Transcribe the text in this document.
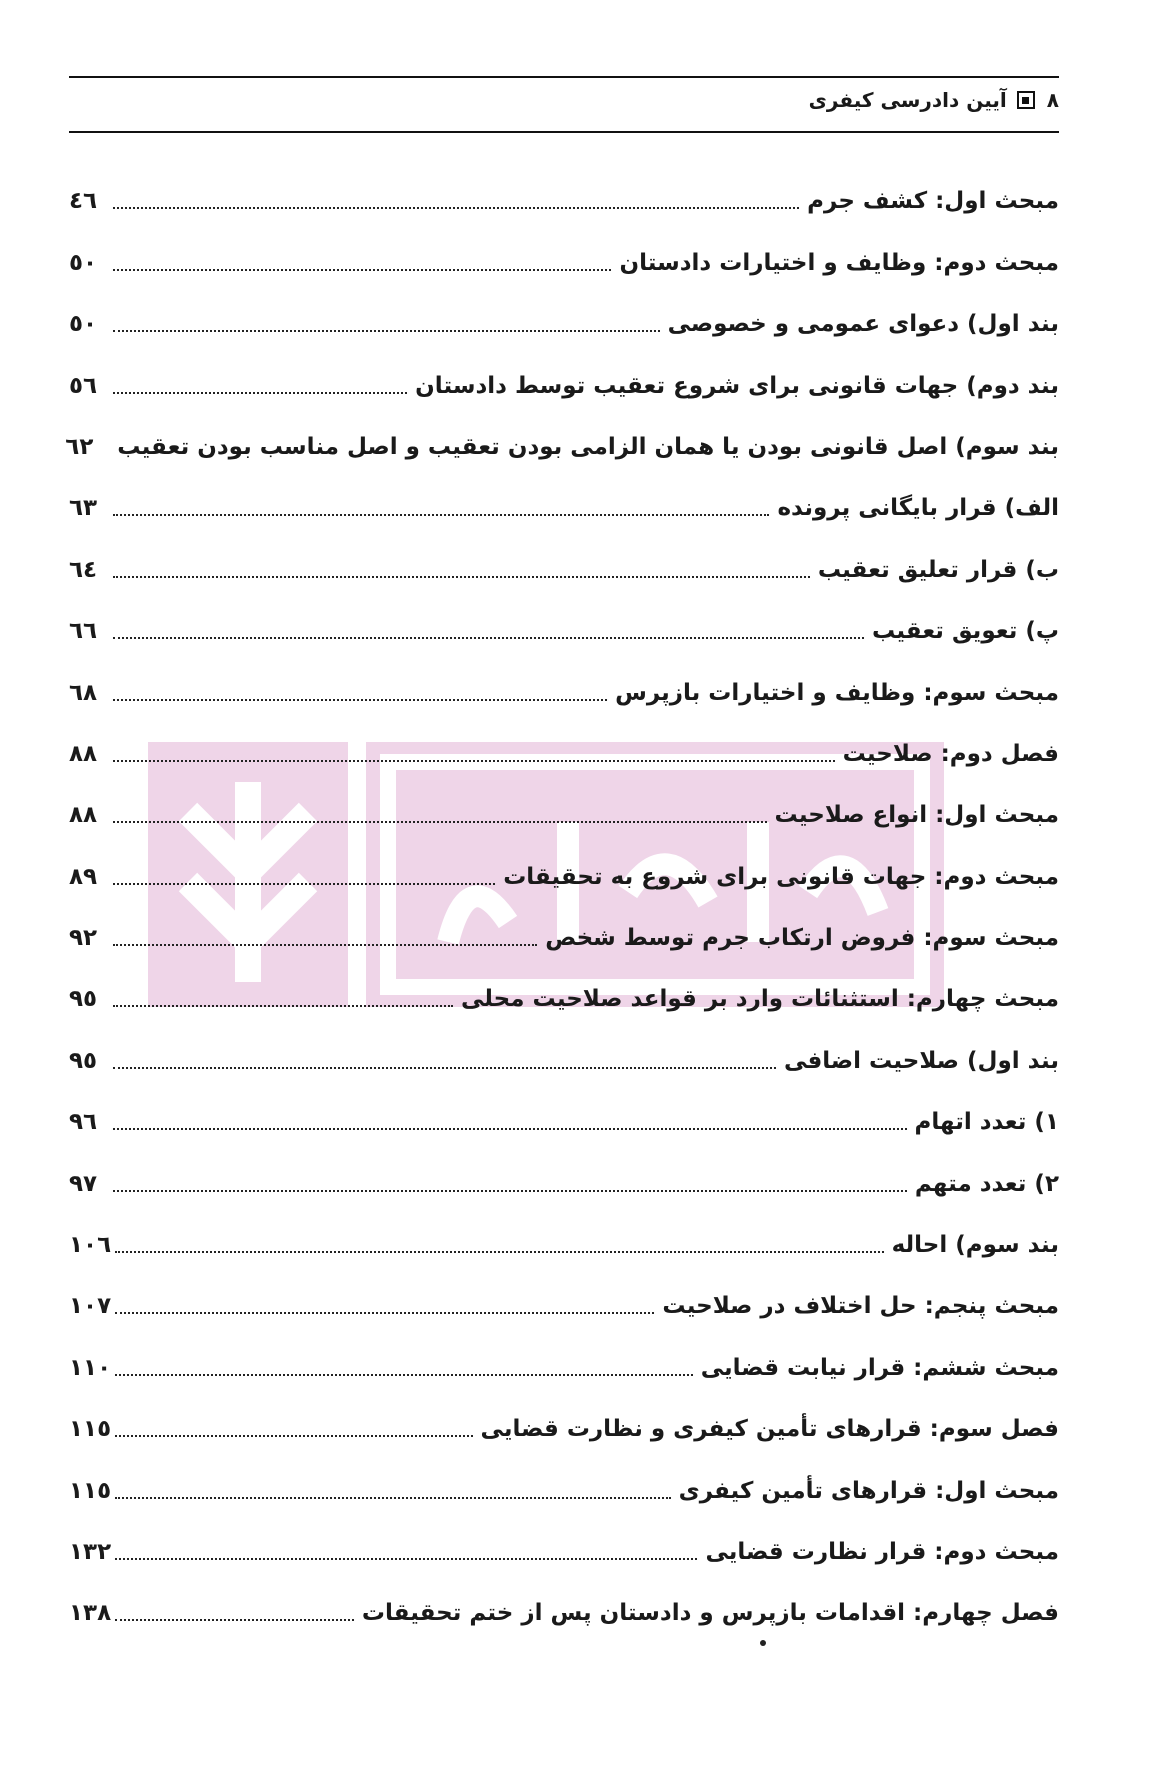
۸
آیین دادرسی کیفری
مبحث اول: کشف جرم
٤٦
مبحث دوم: وظایف و اختیارات دادستان
٥٠
بند اول) دعوای عمومی و خصوصی
٥٠
بند دوم) جهات قانونی برای شروع تعقیب توسط دادستان
٥٦
بند سوم) اصل قانونی بودن یا همان الزامی بودن تعقیب و اصل مناسب بودن تعقیب
٦٢
الف) قرار بایگانی پرونده
٦٣
ب) قرار تعلیق تعقیب
٦٤
پ) تعویق تعقیب
٦٦
مبحث سوم: وظایف و اختیارات بازپرس
٦٨
فصل دوم: صلاحیت
٨٨
مبحث اول: انواع صلاحیت
٨٨
مبحث دوم: جهات قانونی برای شروع به تحقیقات
٨٩
مبحث سوم: فروض ارتکاب جرم توسط شخص
٩٢
مبحث چهارم: استثنائات وارد بر قواعد صلاحیت محلی
٩٥
بند اول) صلاحیت اضافی
٩٥
١) تعدد اتهام
٩٦
٢) تعدد متهم
٩٧
بند سوم) احاله
١٠٦
مبحث پنجم: حل اختلاف در صلاحیت
١٠٧
مبحث ششم: قرار نیابت قضایی
١١٠
فصل سوم: قرارهای تأمین کیفری و نظارت قضایی
١١٥
مبحث اول: قرارهای تأمین کیفری
١١٥
مبحث دوم: قرار نظارت قضایی
١٣٢
فصل چهارم: اقدامات بازپرس و دادستان پس از ختم تحقیقات
١٣٨
